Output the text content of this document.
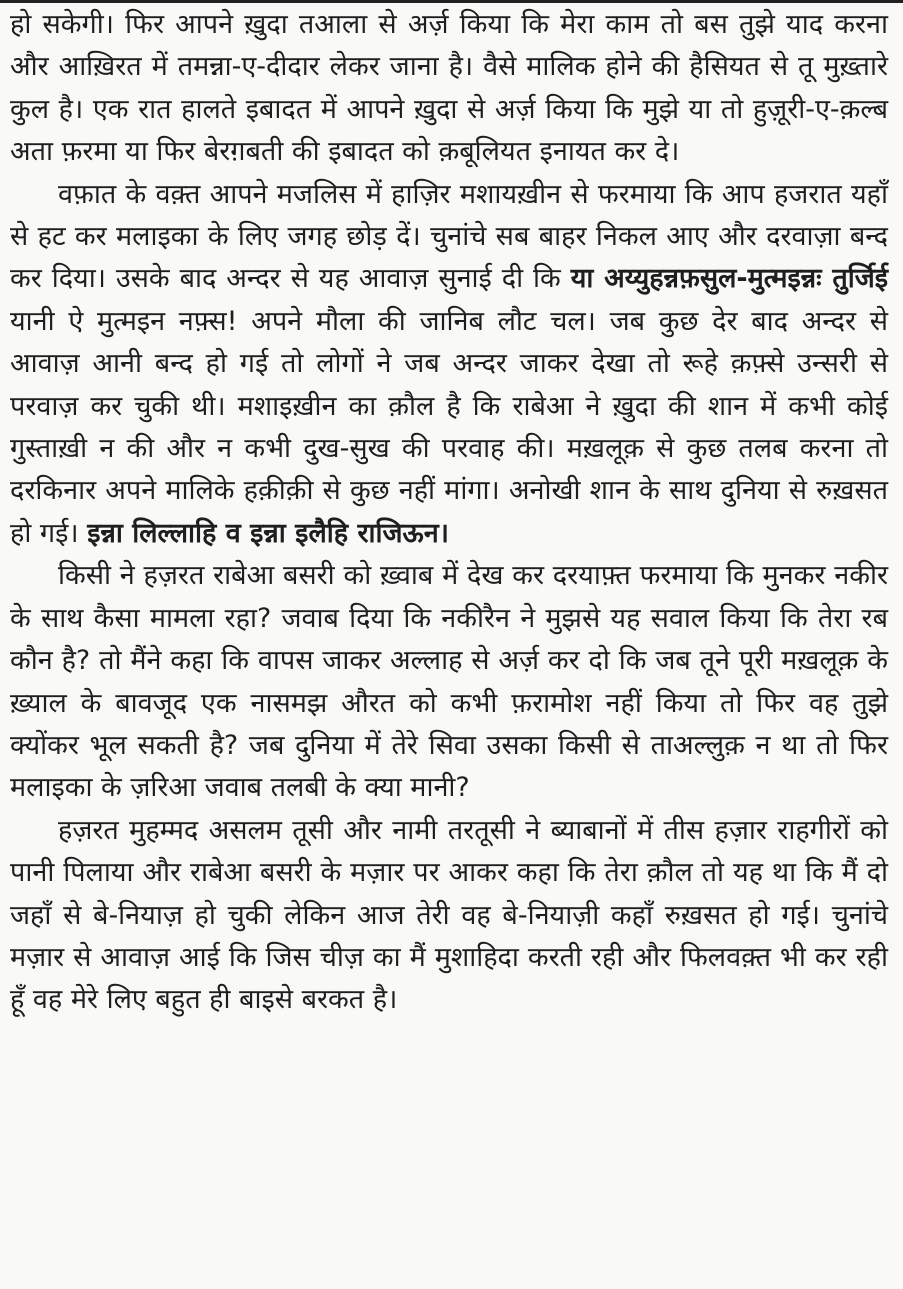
हो सकेगी। फिर आपने ख़ुदा तआला से अर्ज़ किया कि मेरा काम तो बस तुझे याद करना और आख़िरत में तमन्ना-ए-दीदार लेकर जाना है। वैसे मालिक होने की हैसियत से तू मुख़्तारे कुल है। एक रात हालते इबादत में आपने ख़ुदा से अर्ज़ किया कि मुझे या तो हुज़ूरी-ए-क़ल्ब अता फ़रमा या फिर बेरग़बती की इबादत को क़बूलियत इनायत कर दे।

वफ़ात के वक़्त आपने मजलिस में हाज़िर मशायख़ीन से फरमाया कि आप हजरात यहाँ से हट कर मलाइका के लिए जगह छोड़ दें। चुनांचे सब बाहर निकल आए और दरवाज़ा बन्द कर दिया। उसके बाद अन्दर से यह आवाज़ सुनाई दी कि या अय्युहन्नफ़सुल-मुत्मइन्नः तुर्जिई यानी ऐ मुत्मइन नफ़्स! अपने मौला की जानिब लौट चल। जब कुछ देर बाद अन्दर से आवाज़ आनी बन्द हो गई तो लोगों ने जब अन्दर जाकर देखा तो रूहे क़फ़्से उन्सरी से परवाज़ कर चुकी थी। मशाइख़ीन का क़ौल है कि राबेआ ने ख़ुदा की शान में कभी कोई गुस्ताख़ी न की और न कभी दुख-सुख की परवाह की। मख़लूक़ से कुछ तलब करना तो दरकिनार अपने मालिके हक़ीक़ी से कुछ नहीं मांगा। अनोखी शान के साथ दुनिया से रुख़सत हो गई। इन्ना लिल्लाहि व इन्ना इलैहि राजिऊन।

किसी ने हज़रत राबेआ बसरी को ख़्वाब में देख कर दरयाफ़्त फरमाया कि मुनकर नकीर के साथ कैसा मामला रहा? जवाब दिया कि नकीरैन ने मुझसे यह सवाल किया कि तेरा रब कौन है? तो मैंने कहा कि वापस जाकर अल्लाह से अर्ज़ कर दो कि जब तूने पूरी मख़लूक़ के ख़्याल के बावजूद एक नासमझ औरत को कभी फ़रामोश नहीं किया तो फिर वह तुझे क्योंकर भूल सकती है? जब दुनिया में तेरे सिवा उसका किसी से ताअल्लुक़ न था तो फिर मलाइका के ज़रिआ जवाब तलबी के क्या मानी?

हज़रत मुहम्मद असलम तूसी और नामी तरतूसी ने ब्याबानों में तीस हज़ार राहगीरों को पानी पिलाया और राबेआ बसरी के मज़ार पर आकर कहा कि तेरा क़ौल तो यह था कि मैं दो जहाँ से बे-नियाज़ हो चुकी लेकिन आज तेरी वह बे-नियाज़ी कहाँ रुख़सत हो गई। चुनांचे मज़ार से आवाज़ आई कि जिस चीज़ का मैं मुशाहिदा करती रही और फिलवक़्त भी कर रही हूँ वह मेरे लिए बहुत ही बाइसे बरकत है।
